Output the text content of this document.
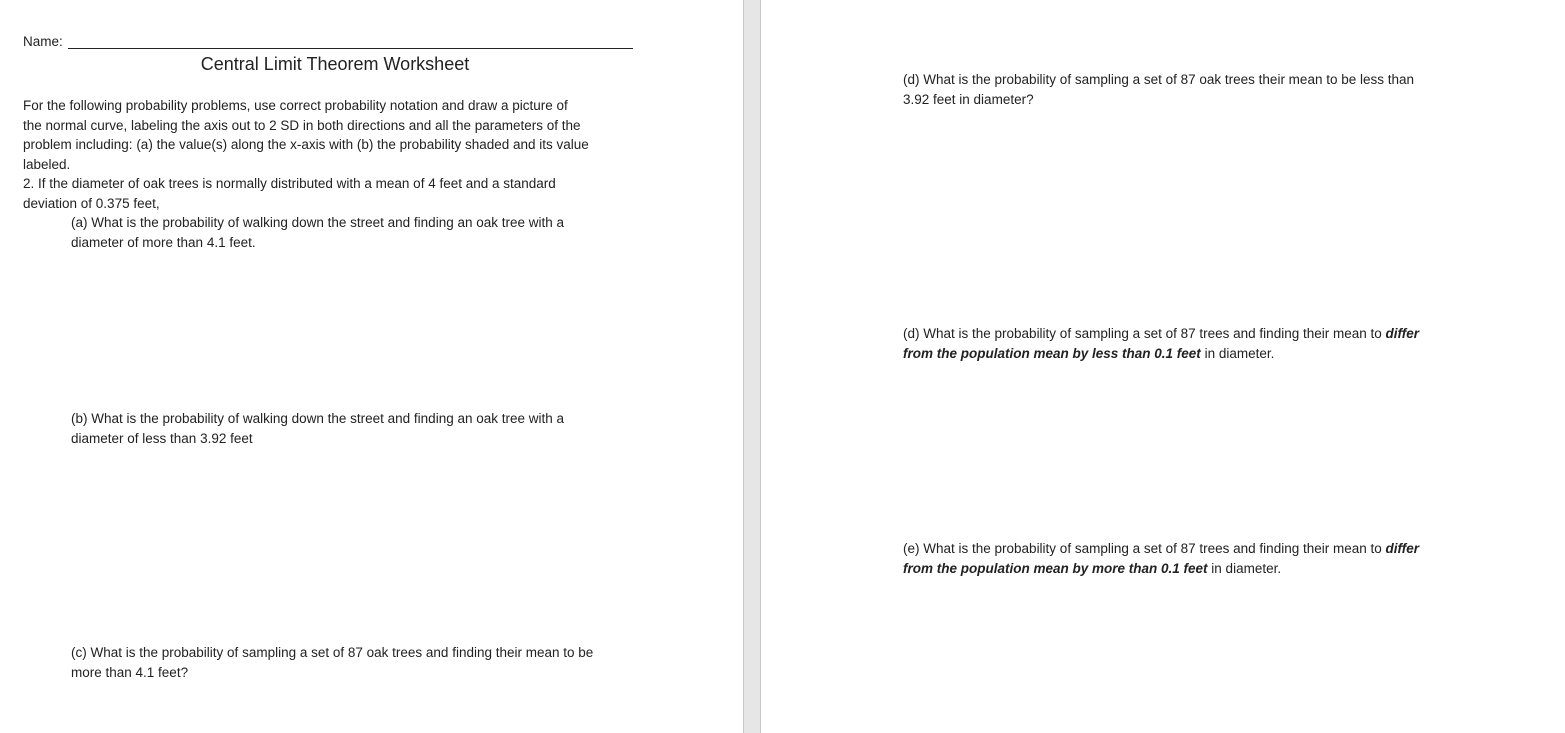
Name:
Central Limit Theorem Worksheet

For the following probability problems, use correct probability notation and draw a picture of

the normal curve, labeling the axis out to 2 SD in both directions and all the parameters of the

problem including: (a) the value(s) along the x-axis with (b) the probability shaded and its value

labeled.

2. If the diameter of oak trees is normally distributed with a mean of 4 feet and a standard

deviation of 0.375 feet,

(a) What is the probability of walking down the street and finding an oak tree with a

diameter of more than 4.1 feet.

(b) What is the probability of walking down the street and finding an oak tree with a

diameter of less than 3.92 feet

(c) What is the probability of sampling a set of 87 oak trees and finding their mean to be

more than 4.1 feet?

(d) What is the probability of sampling a set of 87 oak trees their mean to be less than

3.92 feet in diameter?

(d) What is the probability of sampling a set of 87 trees and finding their mean to differ

from the population mean by less than 0.1 feet in diameter.

(e) What is the probability of sampling a set of 87 trees and finding their mean to differ

from the population mean by more than 0.1 feet in diameter.
